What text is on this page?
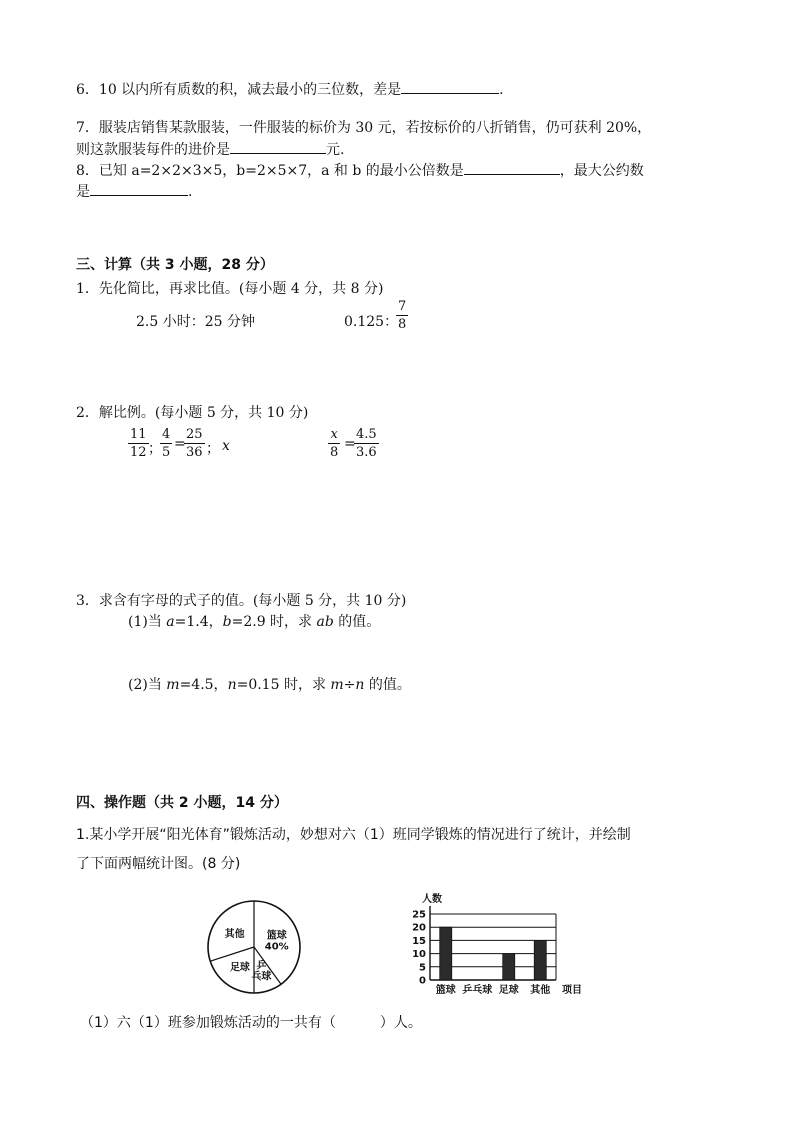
6．10 以内所有质数的积，减去最小的三位数，差是	.
7．服装店销售某款服装，一件服装的标价为 30 元，若按标价的八折销售，仍可获利 20%，
则这款服装每件的进价是	元.
8．已知 a=2×2×3×5，b=2×5×7，a 和 b 的最小公倍数是	，最大公约数
是	.
三、计算（共 3 小题，28 分）
1．先化简比，再求比值。(每小题 4 分，共 8 分)
2.5 小时：25 分钟	0.125：
$\frac{7}{8}$
2．解比例。(每小题 5 分，共 10 分)
$\frac{11}{12}$ ；
$\frac{4}{5}$ =
$\frac{25}{36}$ ； x	$\frac{x}{8}$ =
$\frac{4.5}{3.6}$
3．求含有字母的式子的值。(每小题 5 分，共 10 分)
(1)当 a=1.4，b=2.9 时，求 ab 的值。
(2)当 m=4.5，n=0.15 时，求 m÷n 的值。
四、操作题（共 2 小题，14 分）
1.某小学开展“阳光体育”锻炼活动，妙想对六（1）班同学锻炼的情况进行了统计，并绘制
了下面两幅统计图。(8 分)
篮球 40%
乒乓球
足球
其他
人数
0
5
10
15
20
25
篮球 乒乓球 足球 其他 项目
（1）六（1）班参加锻炼活动的一共有（	）人。
